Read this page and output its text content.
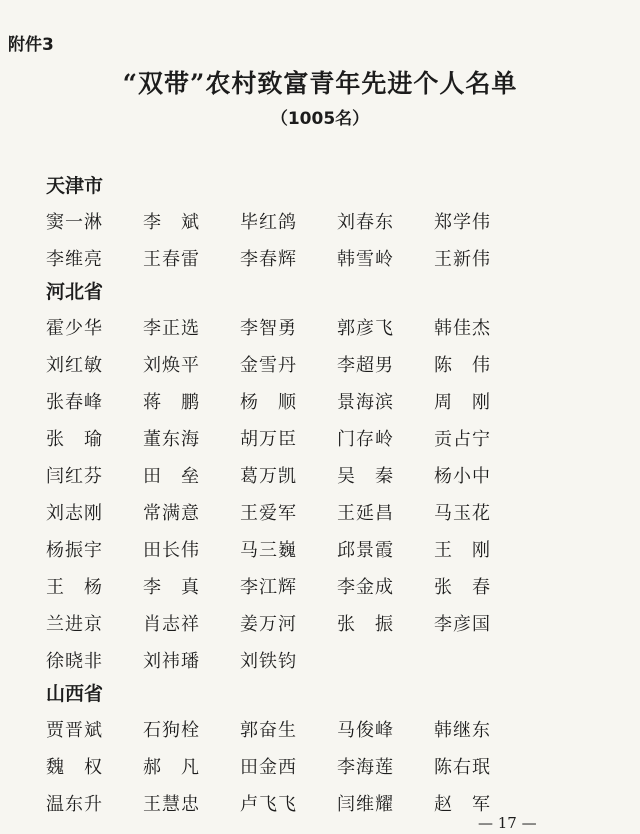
附件3
“双带”农村致富青年先进个人名单
（1005名）
天津市
窦一淋	李　斌	毕红鸽	刘春东	郑学伟
李维亮	王春雷	李春辉	韩雪岭	王新伟
河北省
霍少华	李正选	李智勇	郭彦飞	韩佳杰
刘红敏	刘焕平	金雪丹	李超男	陈　伟
张春峰	蒋　鹏	杨　顺	景海滨	周　刚
张　瑜	董东海	胡万臣	门存岭	贡占宁
闫红芬	田　垒	葛万凯	吴　秦	杨小中
刘志刚	常满意	王爱军	王延昌	马玉花
杨振宇	田长伟	马三巍	邱景霞	王　刚
王　杨	李　真	李江辉	李金成	张　春
兰进京	肖志祥	姜万河	张　振	李彦国
徐晓非	刘祎璠	刘铁钧
山西省
贾晋斌	石狗栓	郭奋生	马俊峰	韩继东
魏　权	郝　凡	田金西	李海莲	陈右珉
温东升	王慧忠	卢飞飞	闫维耀	赵　军
— 17 —
